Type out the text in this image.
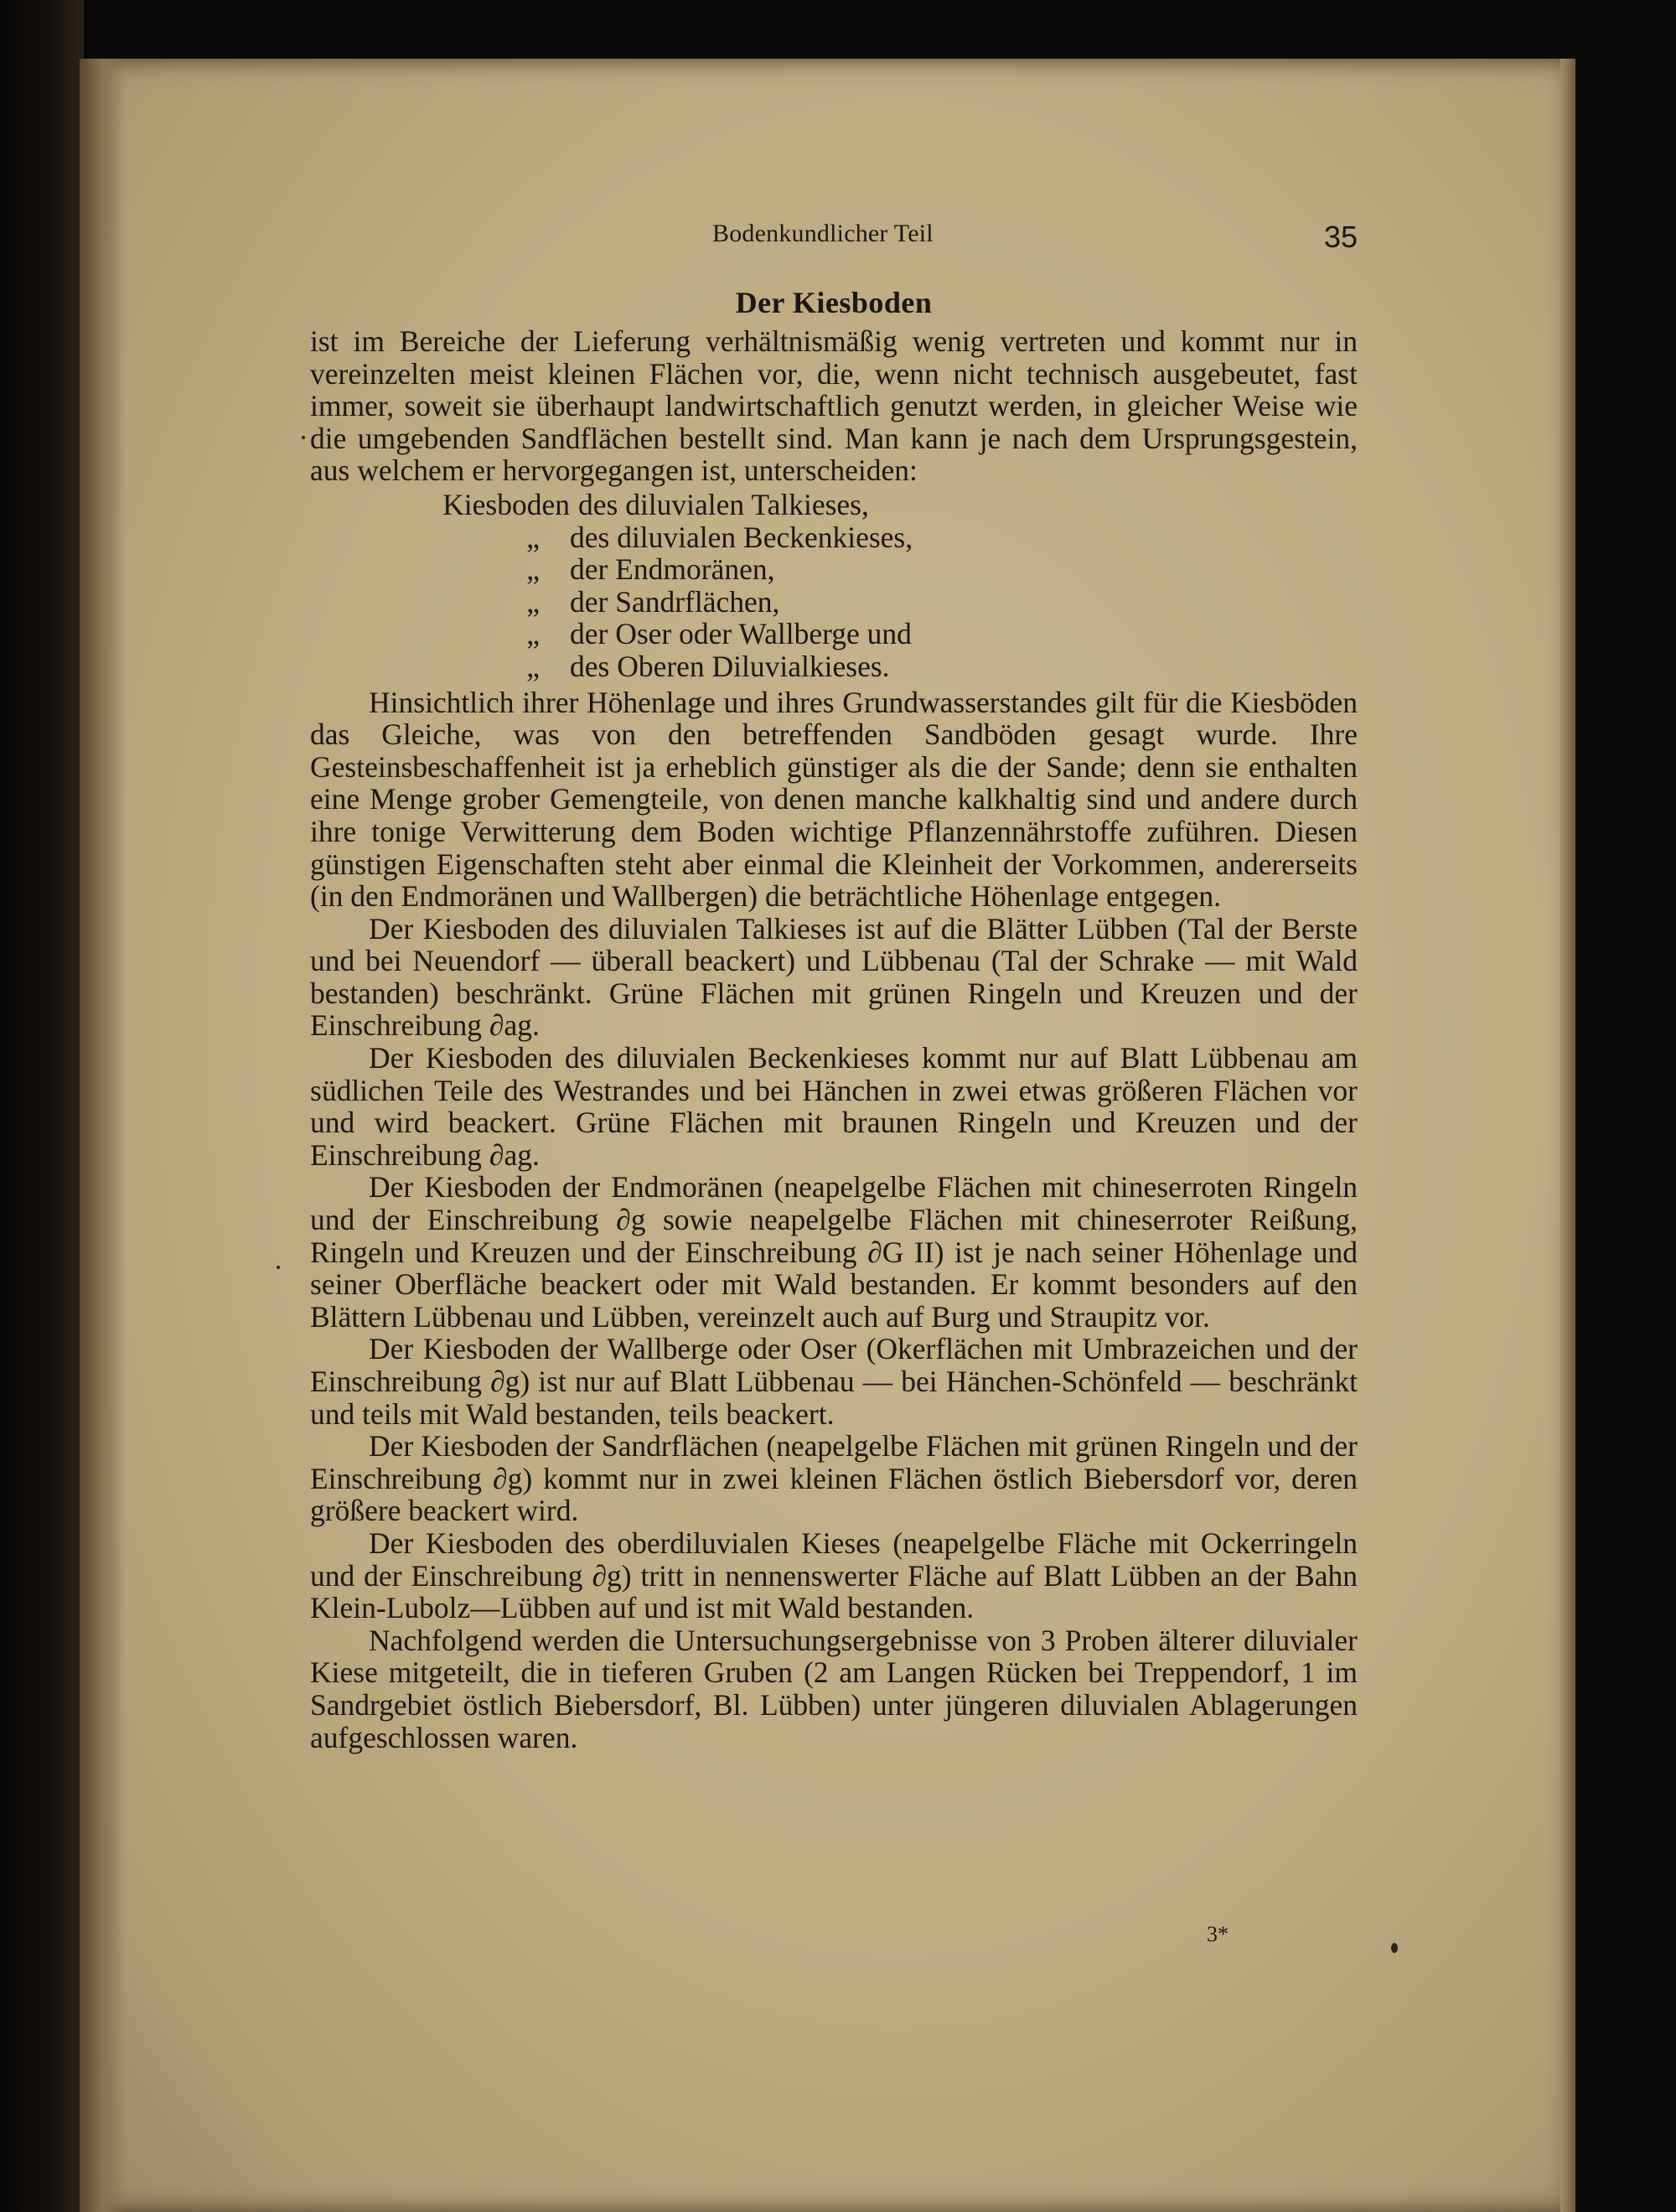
Bodenkundlicher Teil	35
Der Kiesboden

ist im Bereiche der Lieferung verhältnismäßig wenig vertreten und kommt nur in vereinzelten meist kleinen Flächen vor, die, wenn nicht technisch ausgebeutet, fast immer, soweit sie überhaupt landwirtschaftlich genutzt werden, in gleicher Weise wie die umgebenden Sandflächen bestellt sind. Man kann je nach dem Ursprungsgestein, aus welchem er hervorgegangen ist, unterscheiden:

Kiesboden des diluvialen Talkieses,
„	des diluvialen Beckenkieses,
„	der Endmoränen,
„	der Sandrflächen,
„	der Oser oder Wallberge und
„	des Oberen Diluvialkieses.

Hinsichtlich ihrer Höhenlage und ihres Grundwasserstandes gilt für die Kiesböden das Gleiche, was von den betreffenden Sandböden gesagt wurde. Ihre Gesteinsbeschaffenheit ist ja erheblich günstiger als die der Sande; denn sie enthalten eine Menge grober Gemengteile, von denen manche kalkhaltig sind und andere durch ihre tonige Verwitterung dem Boden wichtige Pflanzennährstoffe zuführen. Diesen günstigen Eigenschaften steht aber einmal die Kleinheit der Vorkommen, andererseits (in den Endmoränen und Wallbergen) die beträchtliche Höhenlage entgegen.

Der Kiesboden des diluvialen Talkieses ist auf die Blätter Lübben (Tal der Berste und bei Neuendorf — überall beackert) und Lübbenau (Tal der Schrake — mit Wald bestanden) beschränkt. Grüne Flächen mit grünen Ringeln und Kreuzen und der Einschreibung ∂ag.

Der Kiesboden des diluvialen Beckenkieses kommt nur auf Blatt Lübbenau am südlichen Teile des Westrandes und bei Hänchen in zwei etwas größeren Flächen vor und wird beackert. Grüne Flächen mit braunen Ringeln und Kreuzen und der Einschreibung ∂ag.

Der Kiesboden der Endmoränen (neapelgelbe Flächen mit chineserroten Ringeln und der Einschreibung ∂g sowie neapelgelbe Flächen mit chineserroter Reißung, Ringeln und Kreuzen und der Einschreibung ∂G II) ist je nach seiner Höhenlage und seiner Oberfläche beackert oder mit Wald bestanden. Er kommt besonders auf den Blättern Lübbenau und Lübben, vereinzelt auch auf Burg und Straupitz vor.

Der Kiesboden der Wallberge oder Oser (Okerflächen mit Umbrazeichen und der Einschreibung ∂g) ist nur auf Blatt Lübbenau — bei Hänchen-Schönfeld — beschränkt und teils mit Wald bestanden, teils beackert.

Der Kiesboden der Sandrflächen (neapelgelbe Flächen mit grünen Ringeln und der Einschreibung ∂g) kommt nur in zwei kleinen Flächen östlich Biebersdorf vor, deren größere beackert wird.

Der Kiesboden des oberdiluvialen Kieses (neapelgelbe Fläche mit Ockerringeln und der Einschreibung ∂g) tritt in nennenswerter Fläche auf Blatt Lübben an der Bahn Klein-Lubolz—Lübben auf und ist mit Wald bestanden.

Nachfolgend werden die Untersuchungsergebnisse von 3 Proben älterer diluvialer Kiese mitgeteilt, die in tieferen Gruben (2 am Langen Rücken bei Treppendorf, 1 im Sandrgebiet östlich Biebersdorf, Bl. Lübben) unter jüngeren diluvialen Ablagerungen aufgeschlossen waren.

3*
